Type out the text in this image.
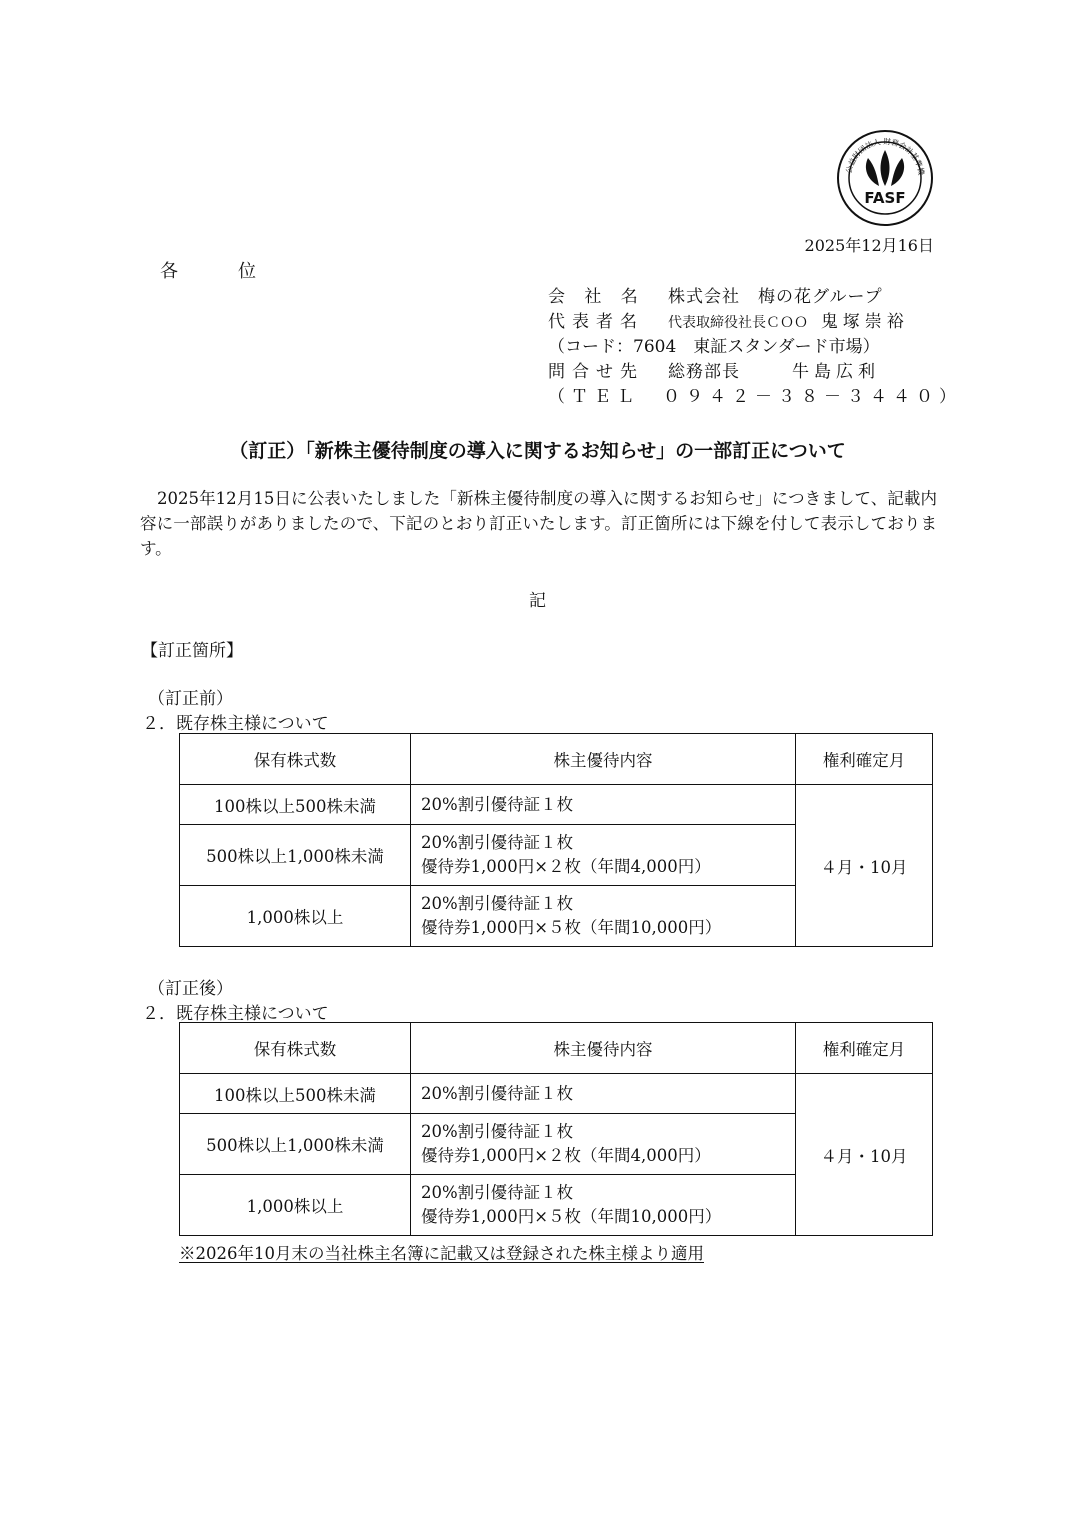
公益財団法人 財務会計基準機
FASF
2025年12月16日
各	位
会 社 名 株式会社　梅の花グループ
代表者名 代表取締役社長ＣＯＯ 鬼塚崇裕
（コード：7604　東証スタンダード市場）
問合せ先 総務部長	牛島広利
（ＴＥＬ　０９４２－３８－３４４０）
（訂正）「新株主優待制度の導入に関するお知らせ」の一部訂正について
2025年12月15日に公表いたしました「新株主優待制度の導入に関するお知らせ」につきまして、記載内容に一部誤りがありましたので、下記のとおり訂正いたします。訂正箇所には下線を付して表示しております。
記
【訂正箇所】
（訂正前）
２．既存株主様について
保有株式数	株主優待内容	権利確定月
100株以上500株未満	20%割引優待証１枚	４月・10月
500株以上1,000株未満	20%割引優待証１枚
優待券1,000円×２枚（年間4,000円）	

1,000株以上	20%割引優待証１枚
優待券1,000円×５枚（年間10,000円）	
（訂正後）
２．既存株主様について
保有株式数	株主優待内容	権利確定月
100株以上500株未満	20%割引優待証１枚	４月・10月
500株以上1,000株未満	20%割引優待証１枚
優待券1,000円×２枚（年間4,000円）	

1,000株以上	20%割引優待証１枚
優待券1,000円×５枚（年間10,000円）	
※2026年10月末の当社株主名簿に記載又は登録された株主様より適用
